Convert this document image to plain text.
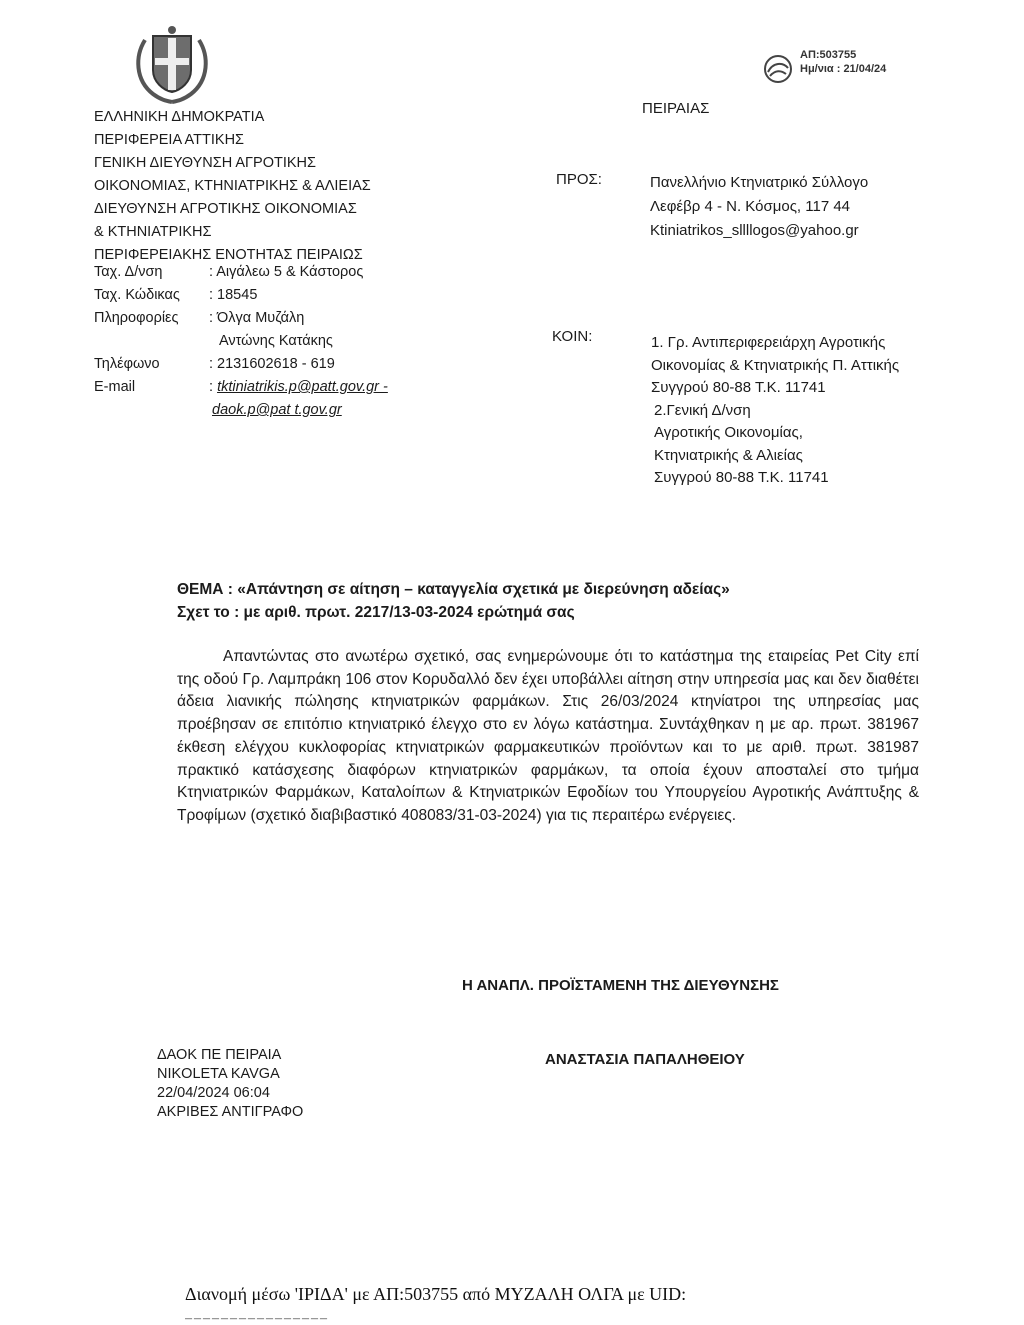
ΑΠ:503755
Ημ/νια : 21/04/24
ΕΛΛΗΝΙΚΗ ΔΗΜΟΚΡΑΤΙΑ
ΠΕΡΙΦΕΡΕΙΑ ΑΤΤΙΚΗΣ
ΓΕΝΙΚΗ ΔΙΕΥΘΥΝΣΗ ΑΓΡΟΤΙΚΗΣ
ΟΙΚΟΝΟΜΙΑΣ, ΚΤΗΝΙΑΤΡΙΚΗΣ & ΑΛΙΕΙΑΣ
ΔΙΕΥΘΥΝΣΗ ΑΓΡΟΤΙΚΗΣ ΟΙΚΟΝΟΜΙΑΣ
& ΚΤΗΝΙΑΤΡΙΚΗΣ
ΠΕΡΙΦΕΡΕΙΑΚΗΣ ΕΝΟΤΗΤΑΣ ΠΕΙΡΑΙΩΣ
Ταχ. Δ/νση	: Αιγάλεω 5 & Κάστορος
Ταχ. Κώδικας	: 18545
Πληροφορίες	: Όλγα Μυζάλη
	Αντώνης Κατάκης
Τηλέφωνο	: 2131602618 - 619
E-mail	: tktiniatrikis.p@patt.gov.gr -
	daok.p@pat t.gov.gr
ΠΕΙΡΑΙΑΣ
ΠΡΟΣ:	Πανελλήνιο Κτηνιατρικό Σύλλογο
Λεφέβρ 4 - Ν. Κόσμος, 117 44
Ktiniatrikos_sllllogos@yahoo.gr
ΚΟΙΝ:	1. Γρ. Αντιπεριφερειάρχη Αγροτικής
Οικονομίας & Κτηνιατρικής Π. Αττικής
Συγγρού 80-88 Τ.Κ. 11741
2.Γενική Δ/νση
Αγροτικής Οικονομίας,
Κτηνιατρικής & Αλιείας
Συγγρού 80-88 Τ.Κ. 11741
ΘΕΜΑ : «Απάντηση σε αίτηση – καταγγελία σχετικά με διερεύνηση αδείας»
Σχετ το : με αριθ. πρωτ. 2217/13-03-2024 ερώτημά σας
Απαντώντας στο ανωτέρω σχετικό, σας ενημερώνουμε ότι το κατάστημα της εταιρείας Pet City επί της οδού Γρ. Λαμπράκη 106 στον Κορυδαλλό δεν έχει υποβάλλει αίτηση στην υπηρεσία μας και δεν διαθέτει άδεια λιανικής πώλησης κτηνιατρικών φαρμάκων. Στις 26/03/2024 κτηνίατροι της υπηρεσίας μας προέβησαν σε επιτόπιο κτηνιατρικό έλεγχο στο εν λόγω κατάστημα. Συντάχθηκαν η με αρ. πρωτ. 381967 έκθεση ελέγχου κυκλοφορίας κτηνιατρικών φαρμακευτικών προϊόντων και το με αριθ. πρωτ. 381987 πρακτικό κατάσχεσης διαφόρων κτηνιατρικών φαρμάκων, τα οποία έχουν αποσταλεί στο τμήμα Κτηνιατρικών Φαρμάκων, Καταλοίπων & Κτηνιατρικών Εφοδίων του Υπουργείου Αγροτικής Ανάπτυξης & Τροφίμων (σχετικό διαβιβαστικό 408083/31-03-2024) για τις περαιτέρω ενέργειες.
Η ΑΝΑΠΛ. ΠΡΟΪΣΤΑΜΕΝΗ ΤΗΣ ΔΙΕΥΘΥΝΣΗΣ
ΑΝΑΣΤΑΣΙΑ ΠΑΠΑΛΗΘΕΙΟΥ
ΔΑΟΚ ΠΕ ΠΕΙΡΑΙΑ
NIKOLETA KAVGA
22/04/2024 06:04
ΑΚΡΙΒΕΣ ΑΝΤΙΓΡΑΦΟ
Διανομή μέσω 'ΙΡΙΔΑ' με ΑΠ:503755 από ΜΥΖΑΛΗ ΟΛΓΑ με UID:
––––––––––––––––
